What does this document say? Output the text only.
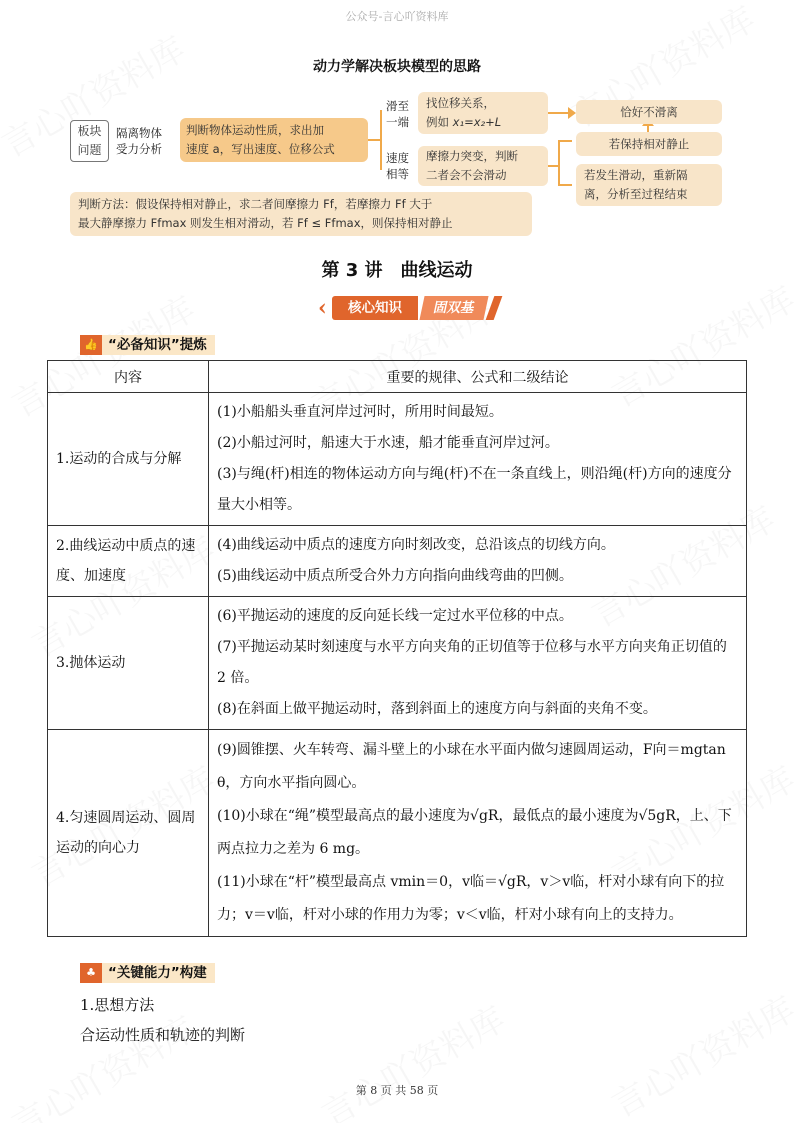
公众号-言心吖资料库
动力学解决板块模型的思路
板块
问题
隔离物体
受力分析
判断物体运动性质，求出加
速度 a，写出速度、位移公式
滑至
一端
速度
相等
找位移关系，
例如 x₁=x₂+L
摩擦力突变，判断
二者会不会滑动
恰好不滑离
若保持相对静止
若发生滑动，重新隔
离，分析至过程结束
判断方法：假设保持相对静止，求二者间摩擦力 Ff，若摩擦力 Ff 大于
最大静摩擦力 Ffmax 则发生相对滑动，若 Ff ≤ Ffmax，则保持相对静止
第 3 讲　曲线运动
‹	核心知识	固双基
👍 “必备知识”提炼
内容	重要的规律、公式和二级结论
1.运动的合成与分解	(1)小船船头垂直河岸过河时，所用时间最短。
(2)小船过河时，船速大于水速，船才能垂直河岸过河。
(3)与绳(杆)相连的物体运动方向与绳(杆)不在一条直线上，则沿绳(杆)方向的速度分量大小相等。

2.曲线运动中质点的速度、加速度	(4)曲线运动中质点的速度方向时刻改变，总沿该点的切线方向。
(5)曲线运动中质点所受合外力方向指向曲线弯曲的凹侧。

3.抛体运动	(6)平抛运动的速度的反向延长线一定过水平位移的中点。
(7)平抛运动某时刻速度与水平方向夹角的正切值等于位移与水平方向夹角正切值的 2 倍。
(8)在斜面上做平抛运动时，落到斜面上的速度方向与斜面的夹角不变。

4.匀速圆周运动、圆周运动的向心力	(9)圆锥摆、火车转弯、漏斗壁上的小球在水平面内做匀速圆周运动，F向＝mgtan θ，方向水平指向圆心。
(10)小球在“绳”模型最高点的最小速度为√gR，最低点的最小速度为√5gR，上、下两点拉力之差为 6 mg。
(11)小球在“杆”模型最高点 vmin＝0，v临＝√gR，v＞v临，杆对小球有向下的拉力；v＝v临，杆对小球的作用力为零；v＜v临，杆对小球有向上的支持力。
♣ “关键能力”构建
1.思想方法
合运动性质和轨迹的判断
第 8 页 共 58 页
